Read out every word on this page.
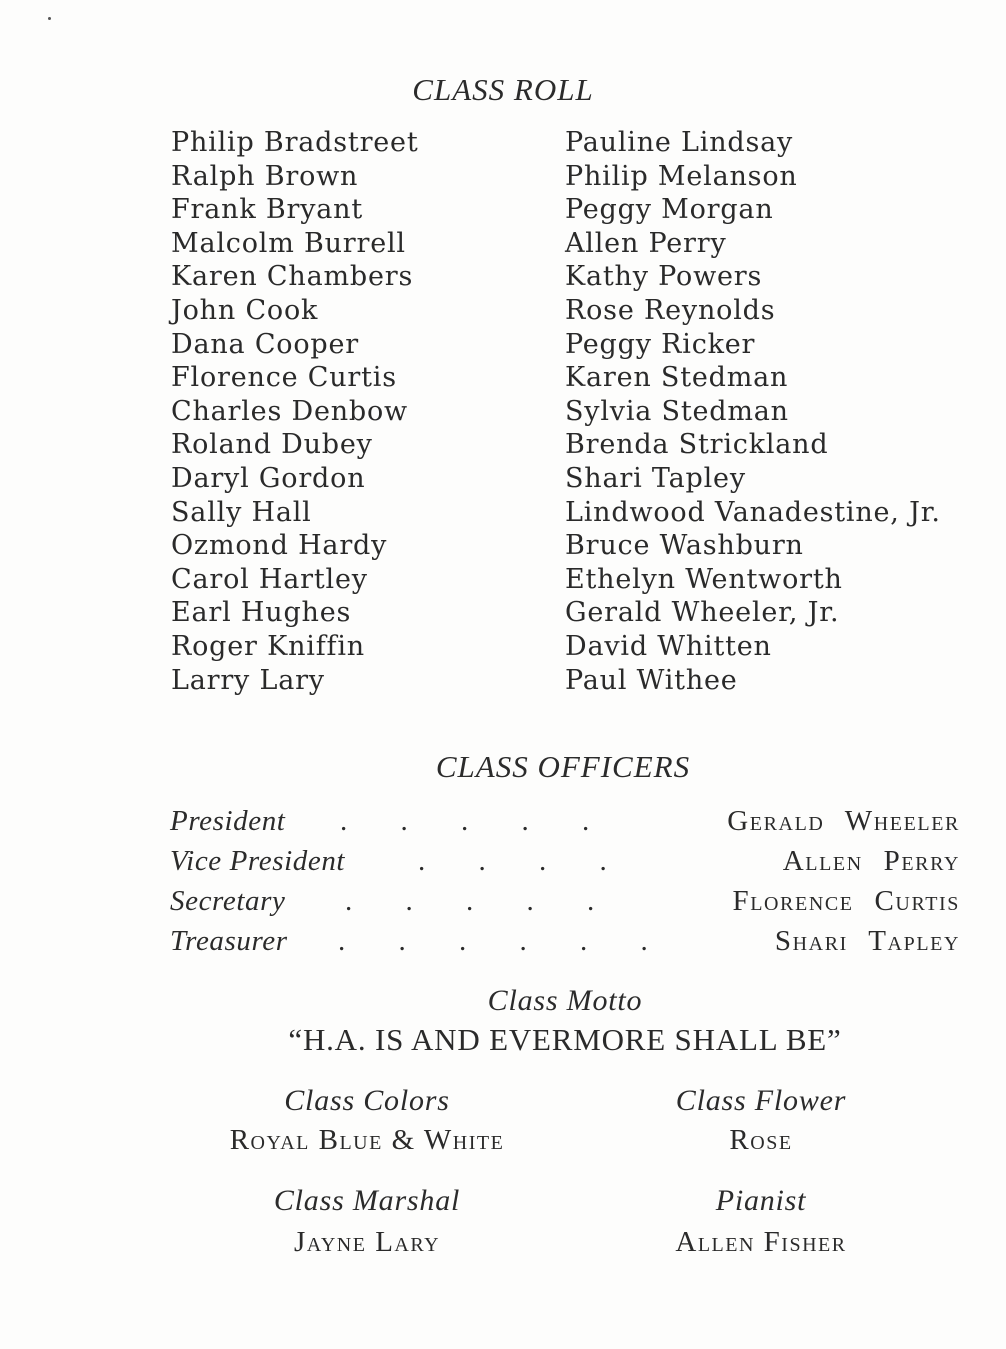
CLASS ROLL
Philip Bradstreet
Ralph Brown
Frank Bryant
Malcolm Burrell
Karen Chambers
John Cook
Dana Cooper
Florence Curtis
Charles Denbow
Roland Dubey
Daryl Gordon
Sally Hall
Ozmond Hardy
Carol Hartley
Earl Hughes
Roger Kniffin
Larry Lary
Pauline Lindsay
Philip Melanson
Peggy Morgan
Allen Perry
Kathy Powers
Rose Reynolds
Peggy Ricker
Karen Stedman
Sylvia Stedman
Brenda Strickland
Shari Tapley
Lindwood Vanadestine, Jr.
Bruce Washburn
Ethelyn Wentworth
Gerald Wheeler, Jr.
David Whitten
Paul Withee
CLASS OFFICERS
President . . . . .	Gerald Wheeler
Vice President	. . . .	Allen Perry
Secretary . . . . .	Florence Curtis
Treasurer . . . . . .	Shari Tapley
Class Motto
“H.A. IS AND EVERMORE SHALL BE”
Class Colors
Royal Blue & White
Class Flower
Rose
Class Marshal
Jayne Lary
Pianist
Allen Fisher
